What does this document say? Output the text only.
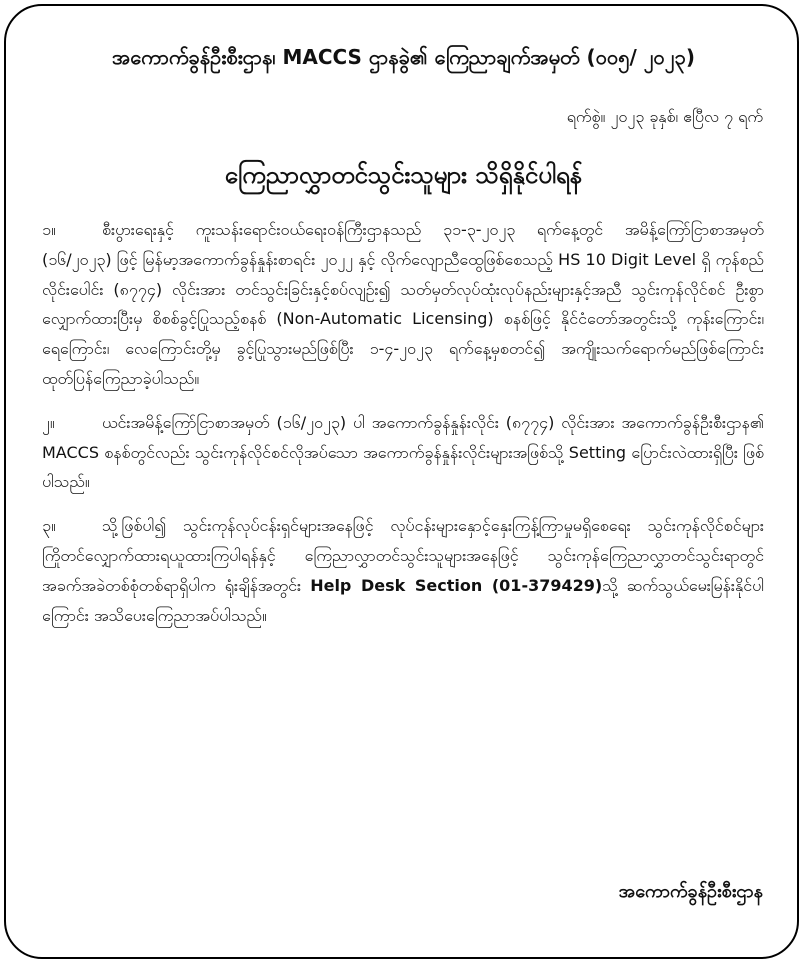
အကောက်ခွန်ဦးစီးဌာန၊ MACCS ဌာနခွဲ၏ ကြေညာချက်အမှတ် (၀၀၅/ ၂၀၂၃)
ရက်စွဲ။ ၂၀၂၃ ခုနှစ်၊ ဧပြီလ ၇ ရက်
ကြေညာလွှာတင်သွင်းသူများ သိရှိနိုင်ပါရန်

၁။	စီးပွားရေးနှင့် ကူးသန်းရောင်းဝယ်ရေးဝန်ကြီးဌာနသည် ၃၁-၃-၂၀၂၃ ရက်နေ့တွင် အမိန့်ကြော်ငြာစာအမှတ် (၁၆/၂၀၂၃) ဖြင့် မြန်မာ့အကောက်ခွန်နှုန်းစာရင်း ၂၀၂၂ နှင့် လိုက်လျောညီထွေဖြစ်စေသည့် HS 10 Digit Level ရှိ ကုန်စည်လိုင်းပေါင်း (၈၇၇၄) လိုင်းအား တင်သွင်းခြင်းနှင့်စပ်လျဉ်း၍ သတ်မှတ်လုပ်ထုံးလုပ်နည်းများနှင့်အညီ သွင်းကုန်လိုင်စင် ဦးစွာလျှောက်ထားပြီးမှ စိစစ်ခွင့်ပြုသည့်စနစ် (Non-Automatic Licensing) စနစ်ဖြင့် နိုင်ငံတော်အတွင်းသို့ ကုန်းကြောင်း၊ ရေကြောင်း၊ လေကြောင်းတို့မှ ခွင့်ပြုသွားမည်ဖြစ်ပြီး ၁-၄-၂၀၂၃ ရက်နေ့မှစတင်၍ အကျိုးသက်ရောက်မည်ဖြစ်ကြောင်း ထုတ်ပြန်ကြေညာခဲ့ပါသည်။

၂။	ယင်းအမိန့်ကြော်ငြာစာအမှတ် (၁၆/၂၀၂၃) ပါ အကောက်ခွန်နှုန်းလိုင်း (၈၇၇၄) လိုင်းအား အကောက်ခွန်ဦးစီးဌာန၏ MACCS စနစ်တွင်လည်း သွင်းကုန်လိုင်စင်လိုအပ်သော အကောက်ခွန်နှုန်းလိုင်းများအဖြစ်သို့ Setting ပြောင်းလဲထားရှိပြီး ဖြစ်ပါသည်။

၃။	သို့ဖြစ်ပါ၍ သွင်းကုန်လုပ်ငန်းရှင်များအနေဖြင့် လုပ်ငန်းများနှောင့်နှေးကြန့်ကြာမှုမရှိစေရေး သွင်းကုန်လိုင်စင်များ ကြိုတင်လျှောက်ထားရယူထားကြပါရန်နှင့် ကြေညာလွှာတင်သွင်းသူများအနေဖြင့် သွင်းကုန်ကြေညာလွှာတင်သွင်းရာတွင် အခက်အခဲတစ်စုံတစ်ရာရှိပါက ရုံးချိန်အတွင်း Help Desk Section (01-379429)သို့ ဆက်သွယ်မေးမြန်းနိုင်ပါကြောင်း အသိပေးကြေညာအပ်ပါသည်။

အကောက်ခွန်ဦးစီးဌာန
